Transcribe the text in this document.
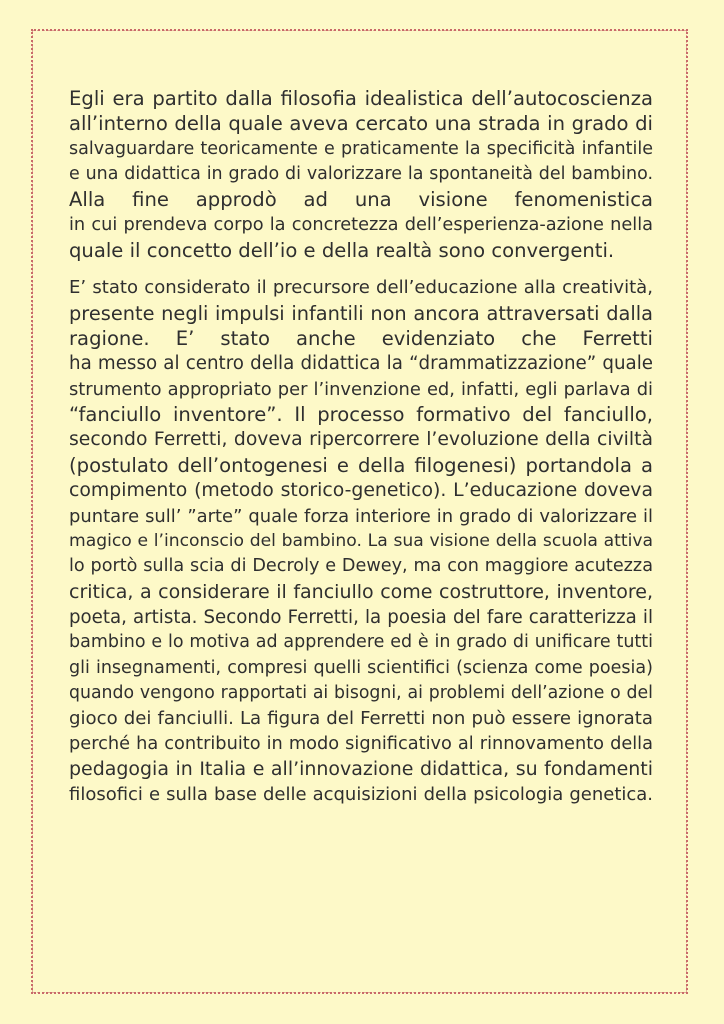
Egli era partito dalla filosofia idealistica dell’autocoscienza
all’interno della quale aveva cercato una strada in grado di
salvaguardare teoricamente e praticamente la specificità infantile
e una didattica in grado di valorizzare la spontaneità del bambino.
Alla fine approdò ad una visione fenomenistica
in cui prendeva corpo la concretezza dell’esperienza-azione nella
quale il concetto dell’io e della realtà sono convergenti.

E’ stato considerato il precursore dell’educazione alla creatività,
presente negli impulsi infantili non ancora attraversati dalla
ragione. E’ stato anche evidenziato che Ferretti
ha messo al centro della didattica la “drammatizzazione” quale
strumento appropriato per l’invenzione ed, infatti, egli parlava di
“fanciullo inventore”. Il processo formativo del fanciullo,
secondo Ferretti, doveva ripercorrere l’evoluzione della civiltà
(postulato dell’ontogenesi e della filogenesi) portandola a
compimento (metodo storico-genetico). L’educazione doveva
puntare sull’ ”arte” quale forza interiore in grado di valorizzare il
magico e l’inconscio del bambino. La sua visione della scuola attiva
lo portò sulla scia di Decroly e Dewey, ma con maggiore acutezza
critica, a considerare il fanciullo come costruttore, inventore,
poeta, artista. Secondo Ferretti, la poesia del fare caratterizza il
bambino e lo motiva ad apprendere ed è in grado di unificare tutti
gli insegnamenti, compresi quelli scientifici (scienza come poesia)
quando vengono rapportati ai bisogni, ai problemi dell’azione o del
gioco dei fanciulli. La figura del Ferretti non può essere ignorata
perché ha contribuito in modo significativo al rinnovamento della
pedagogia in Italia e all’innovazione didattica, su fondamenti
filosofici e sulla base delle acquisizioni della psicologia genetica.
